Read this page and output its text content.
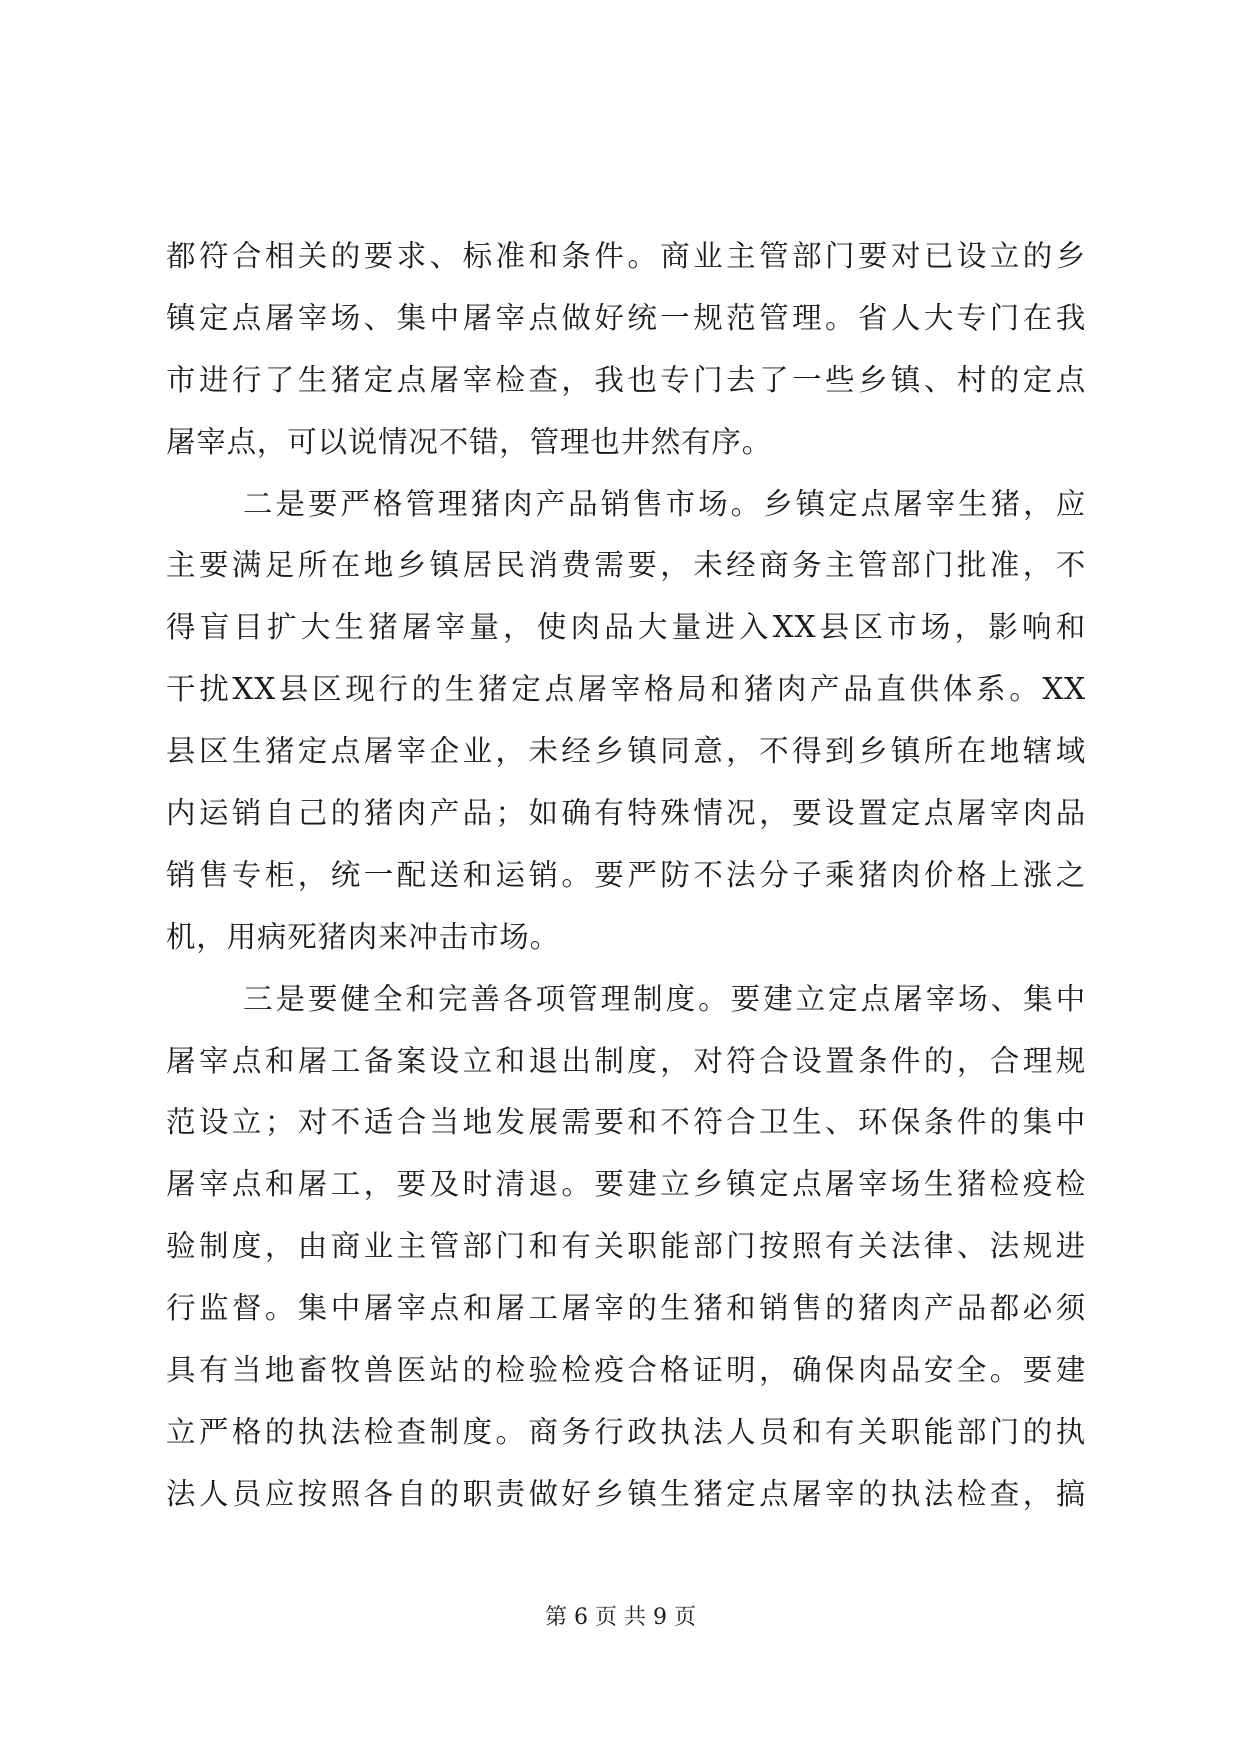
都符合相关的要求、标准和条件。商业主管部门要对已设立的乡
镇定点屠宰场、集中屠宰点做好统一规范管理。省人大专门在我
市进行了生猪定点屠宰检查，我也专门去了一些乡镇、村的定点
屠宰点，可以说情况不错，管理也井然有序。
二是要严格管理猪肉产品销售市场。乡镇定点屠宰生猪，应
主要满足所在地乡镇居民消费需要，未经商务主管部门批准，不
得盲目扩大生猪屠宰量，使肉品大量进入XX县区市场，影响和
干扰XX县区现行的生猪定点屠宰格局和猪肉产品直供体系。XX
县区生猪定点屠宰企业，未经乡镇同意，不得到乡镇所在地辖域
内运销自己的猪肉产品；如确有特殊情况，要设置定点屠宰肉品
销售专柜，统一配送和运销。要严防不法分子乘猪肉价格上涨之
机，用病死猪肉来冲击市场。
三是要健全和完善各项管理制度。要建立定点屠宰场、集中
屠宰点和屠工备案设立和退出制度，对符合设置条件的，合理规
范设立；对不适合当地发展需要和不符合卫生、环保条件的集中
屠宰点和屠工，要及时清退。要建立乡镇定点屠宰场生猪检疫检
验制度，由商业主管部门和有关职能部门按照有关法律、法规进
行监督。集中屠宰点和屠工屠宰的生猪和销售的猪肉产品都必须
具有当地畜牧兽医站的检验检疫合格证明，确保肉品安全。要建
立严格的执法检查制度。商务行政执法人员和有关职能部门的执
法人员应按照各自的职责做好乡镇生猪定点屠宰的执法检查，搞
第 6 页 共 9 页
